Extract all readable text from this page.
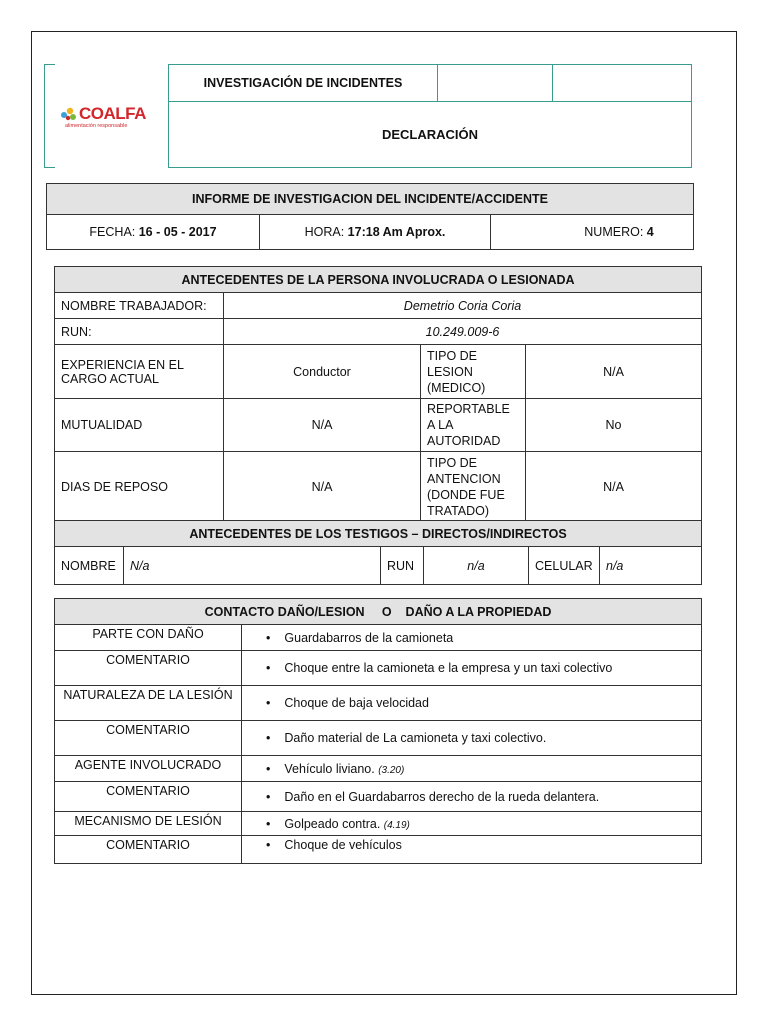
COALFA
alimentación responsable
INVESTIGACIÓN DE INCIDENTES
DECLARACIÓN
INFORME DE INVESTIGACION DEL INCIDENTE/ACCIDENTE
FECHA: 16 - 05 - 2017	HORA: 17:18 Am Aprox.	NUMERO: 4
ANTECEDENTES DE LA PERSONA INVOLUCRADA O LESIONADA			
NOMBRE TRABAJADOR:	Demetrio Coria Coria		
RUN:	10.249.009-6		
EXPERIENCIA EN EL CARGO ACTUAL	Conductor	TIPO DE LESION (MEDICO)	N/A
MUTUALIDAD	N/A	REPORTABLE A LA AUTORIDAD	No
DIAS DE REPOSO	N/A	TIPO DE ANTENCION (DONDE FUE TRATADO)	N/A
ANTECEDENTES DE LOS TESTIGOS – DIRECTOS/INDIRECTOS
NOMBRE	N/a	RUN	n/a	CELULAR	n/a
CONTACTO DAÑO/LESION     O    DAÑO A LA PROPIEDAD	
PARTE CON DAÑO	• Guardabarros de la camioneta
COMENTARIO	• Choque entre la camioneta e la empresa y un taxi colectivo
NATURALEZA DE LA LESIÓN	• Choque de baja velocidad
COMENTARIO	• Daño material de La camioneta y taxi colectivo.
AGENTE INVOLUCRADO	• Vehículo liviano. (3.20)
COMENTARIO	• Daño en el Guardabarros derecho de la rueda delantera.
MECANISMO DE LESIÓN	• Golpeado contra. (4.19)
COMENTARIO	• Choque de vehículos
